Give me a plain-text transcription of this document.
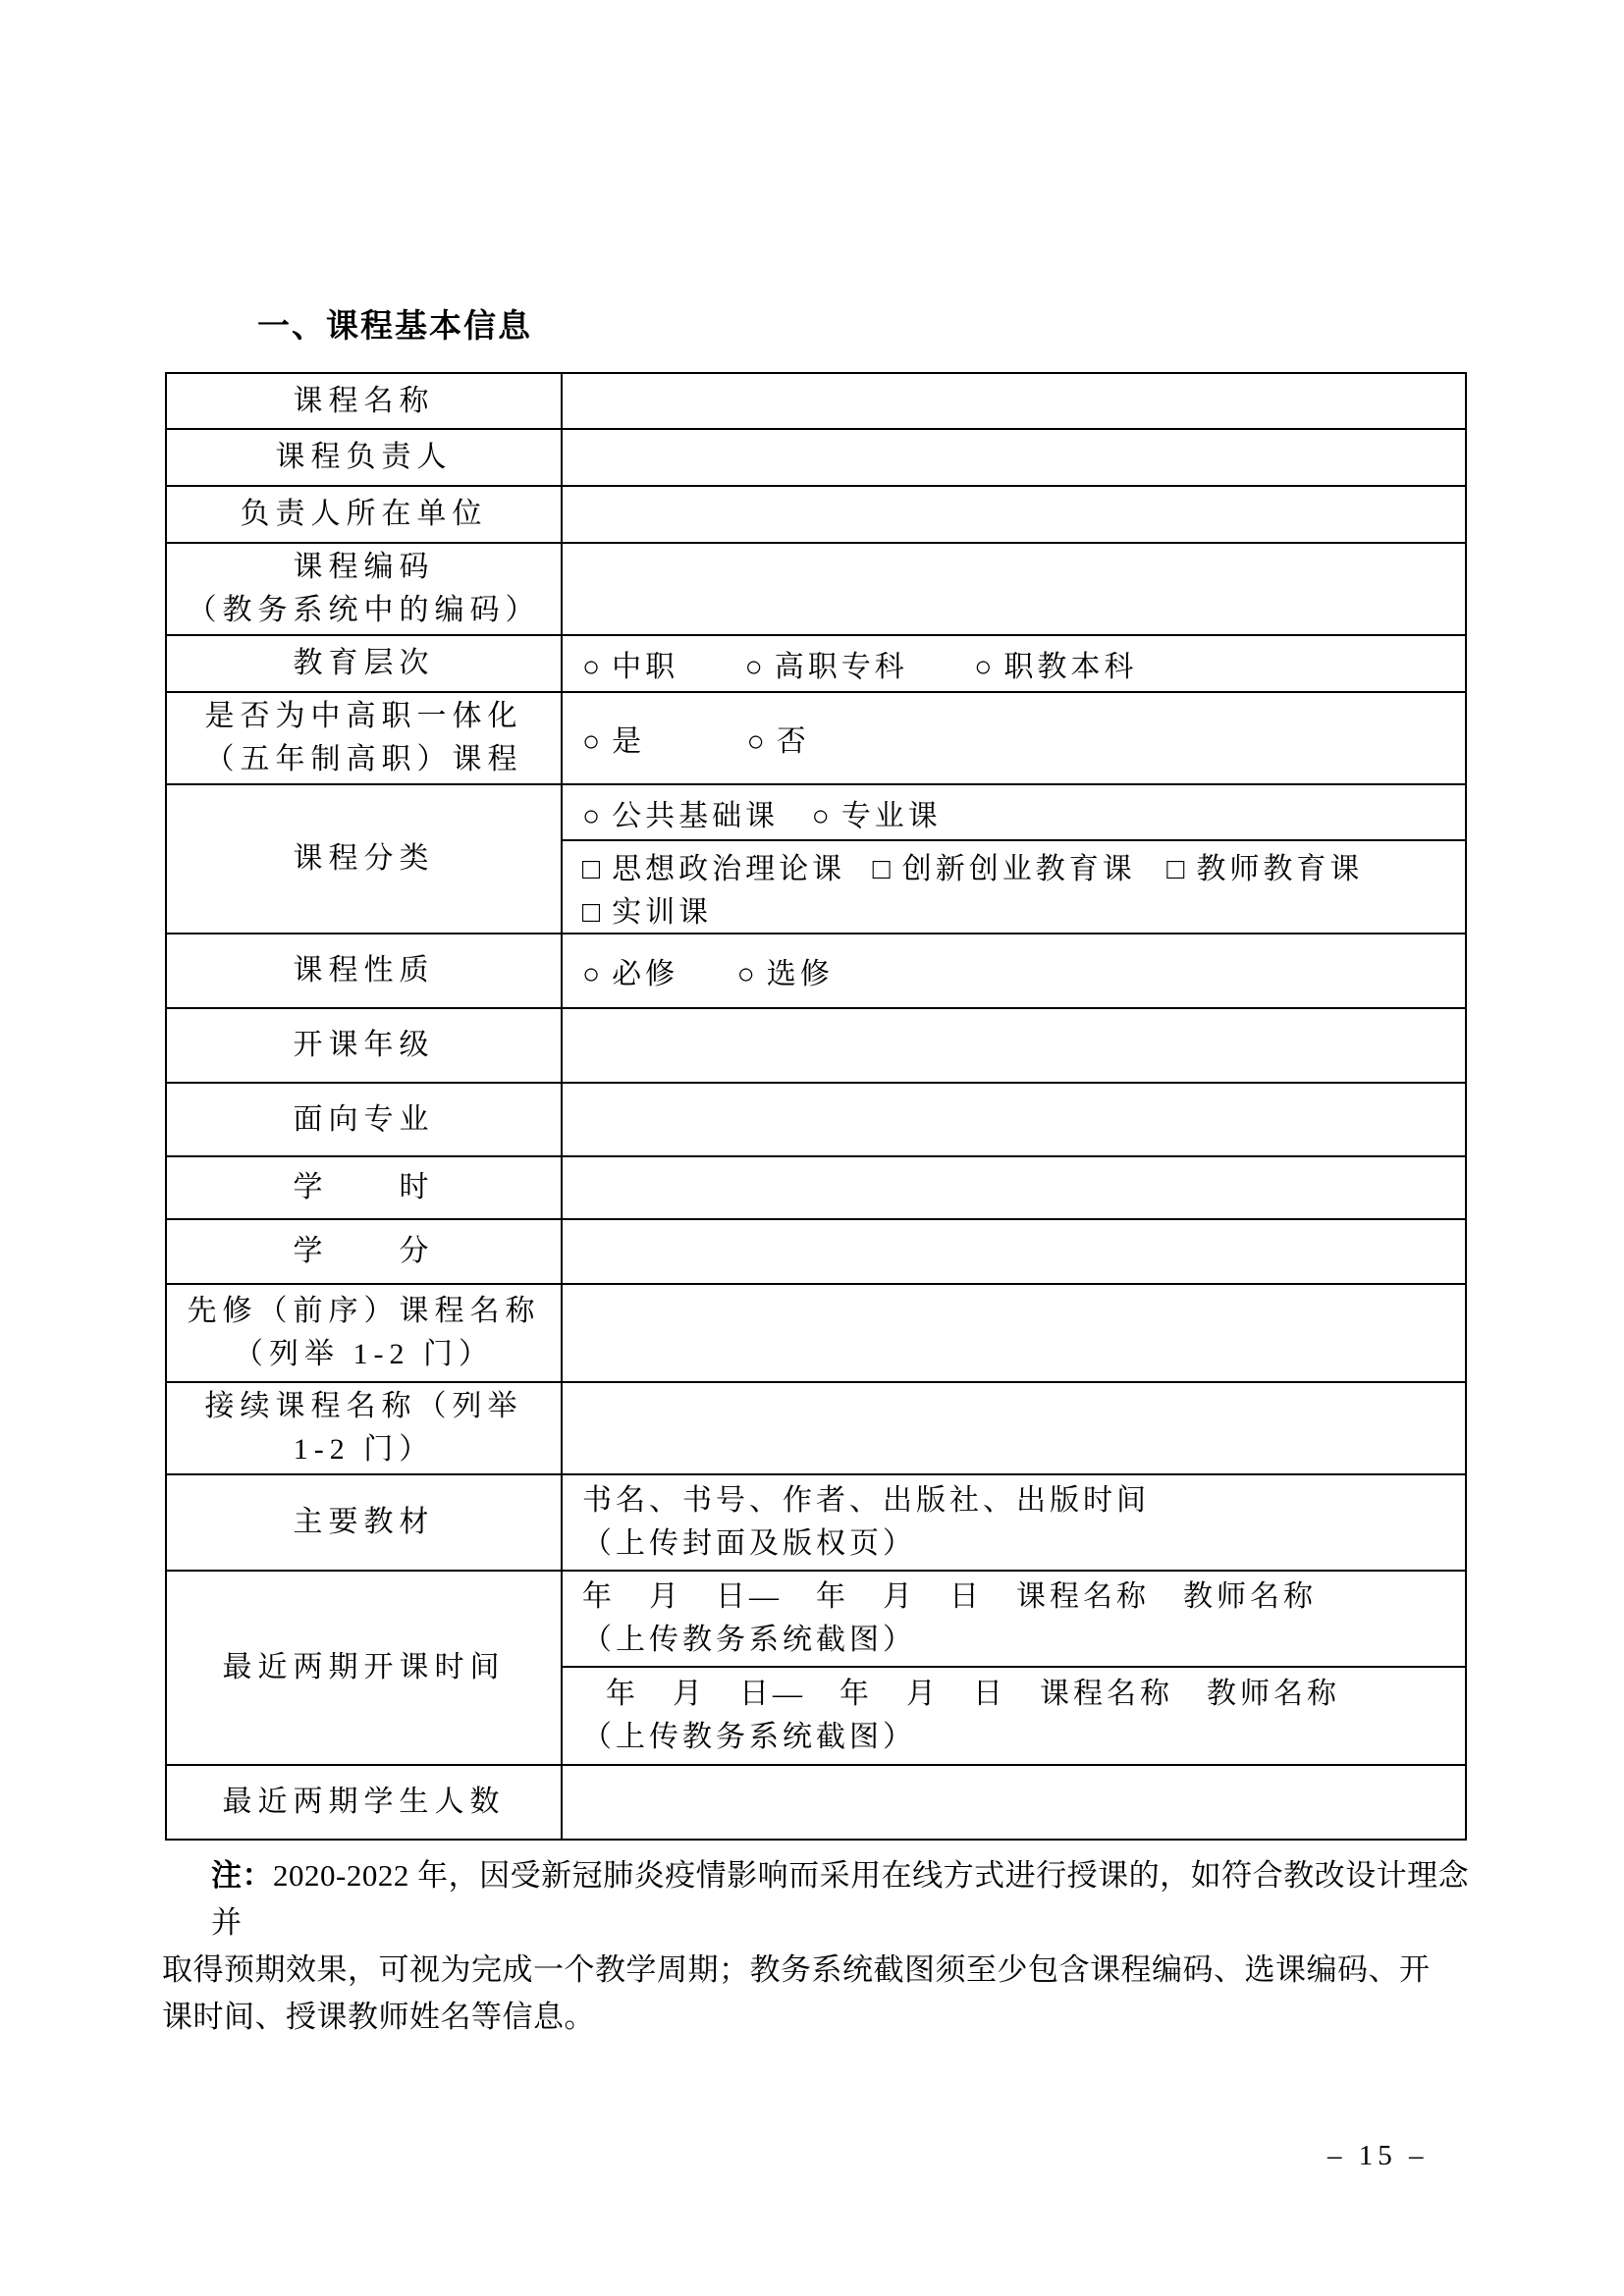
一、课程基本信息
课程名称	
课程负责人	
负责人所在单位	

课程编码
（教务系统中的编码）	

教育层次	○ 中职 ○ 高职专科 ○ 职教本科

是否为中高职一体化
（五年制高职）课程	○ 是 ○ 否
课程分类	○ 公共基础课 ○ 专业课
	□ 思想政治理论课 □ 创新创业教育课 □ 教师教育课 □ 实训课
课程性质	○ 必修 ○ 选修
开课年级	
面向专业	
学　　时	
学　　分	

先修（前序）课程名称
（列举 1-2 门）	

接续课程名称（列举
1-2 门）	

主要教材	书名、书号、作者、出版社、出版时间
（上传封面及版权页）

最近两期开课时间	年　月　日—　年　月　日　课程名称　教师名称
（上传教务系统截图）

	年　月　日—　年　月　日　课程名称　教师名称
（上传教务系统截图）

最近两期学生人数	
注：2020-2022 年，因受新冠肺炎疫情影响而采用在线方式进行授课的，如符合教改设计理念并
取得预期效果，可视为完成一个教学周期；教务系统截图须至少包含课程编码、选课编码、开
课时间、授课教师姓名等信息。
– 15 –
